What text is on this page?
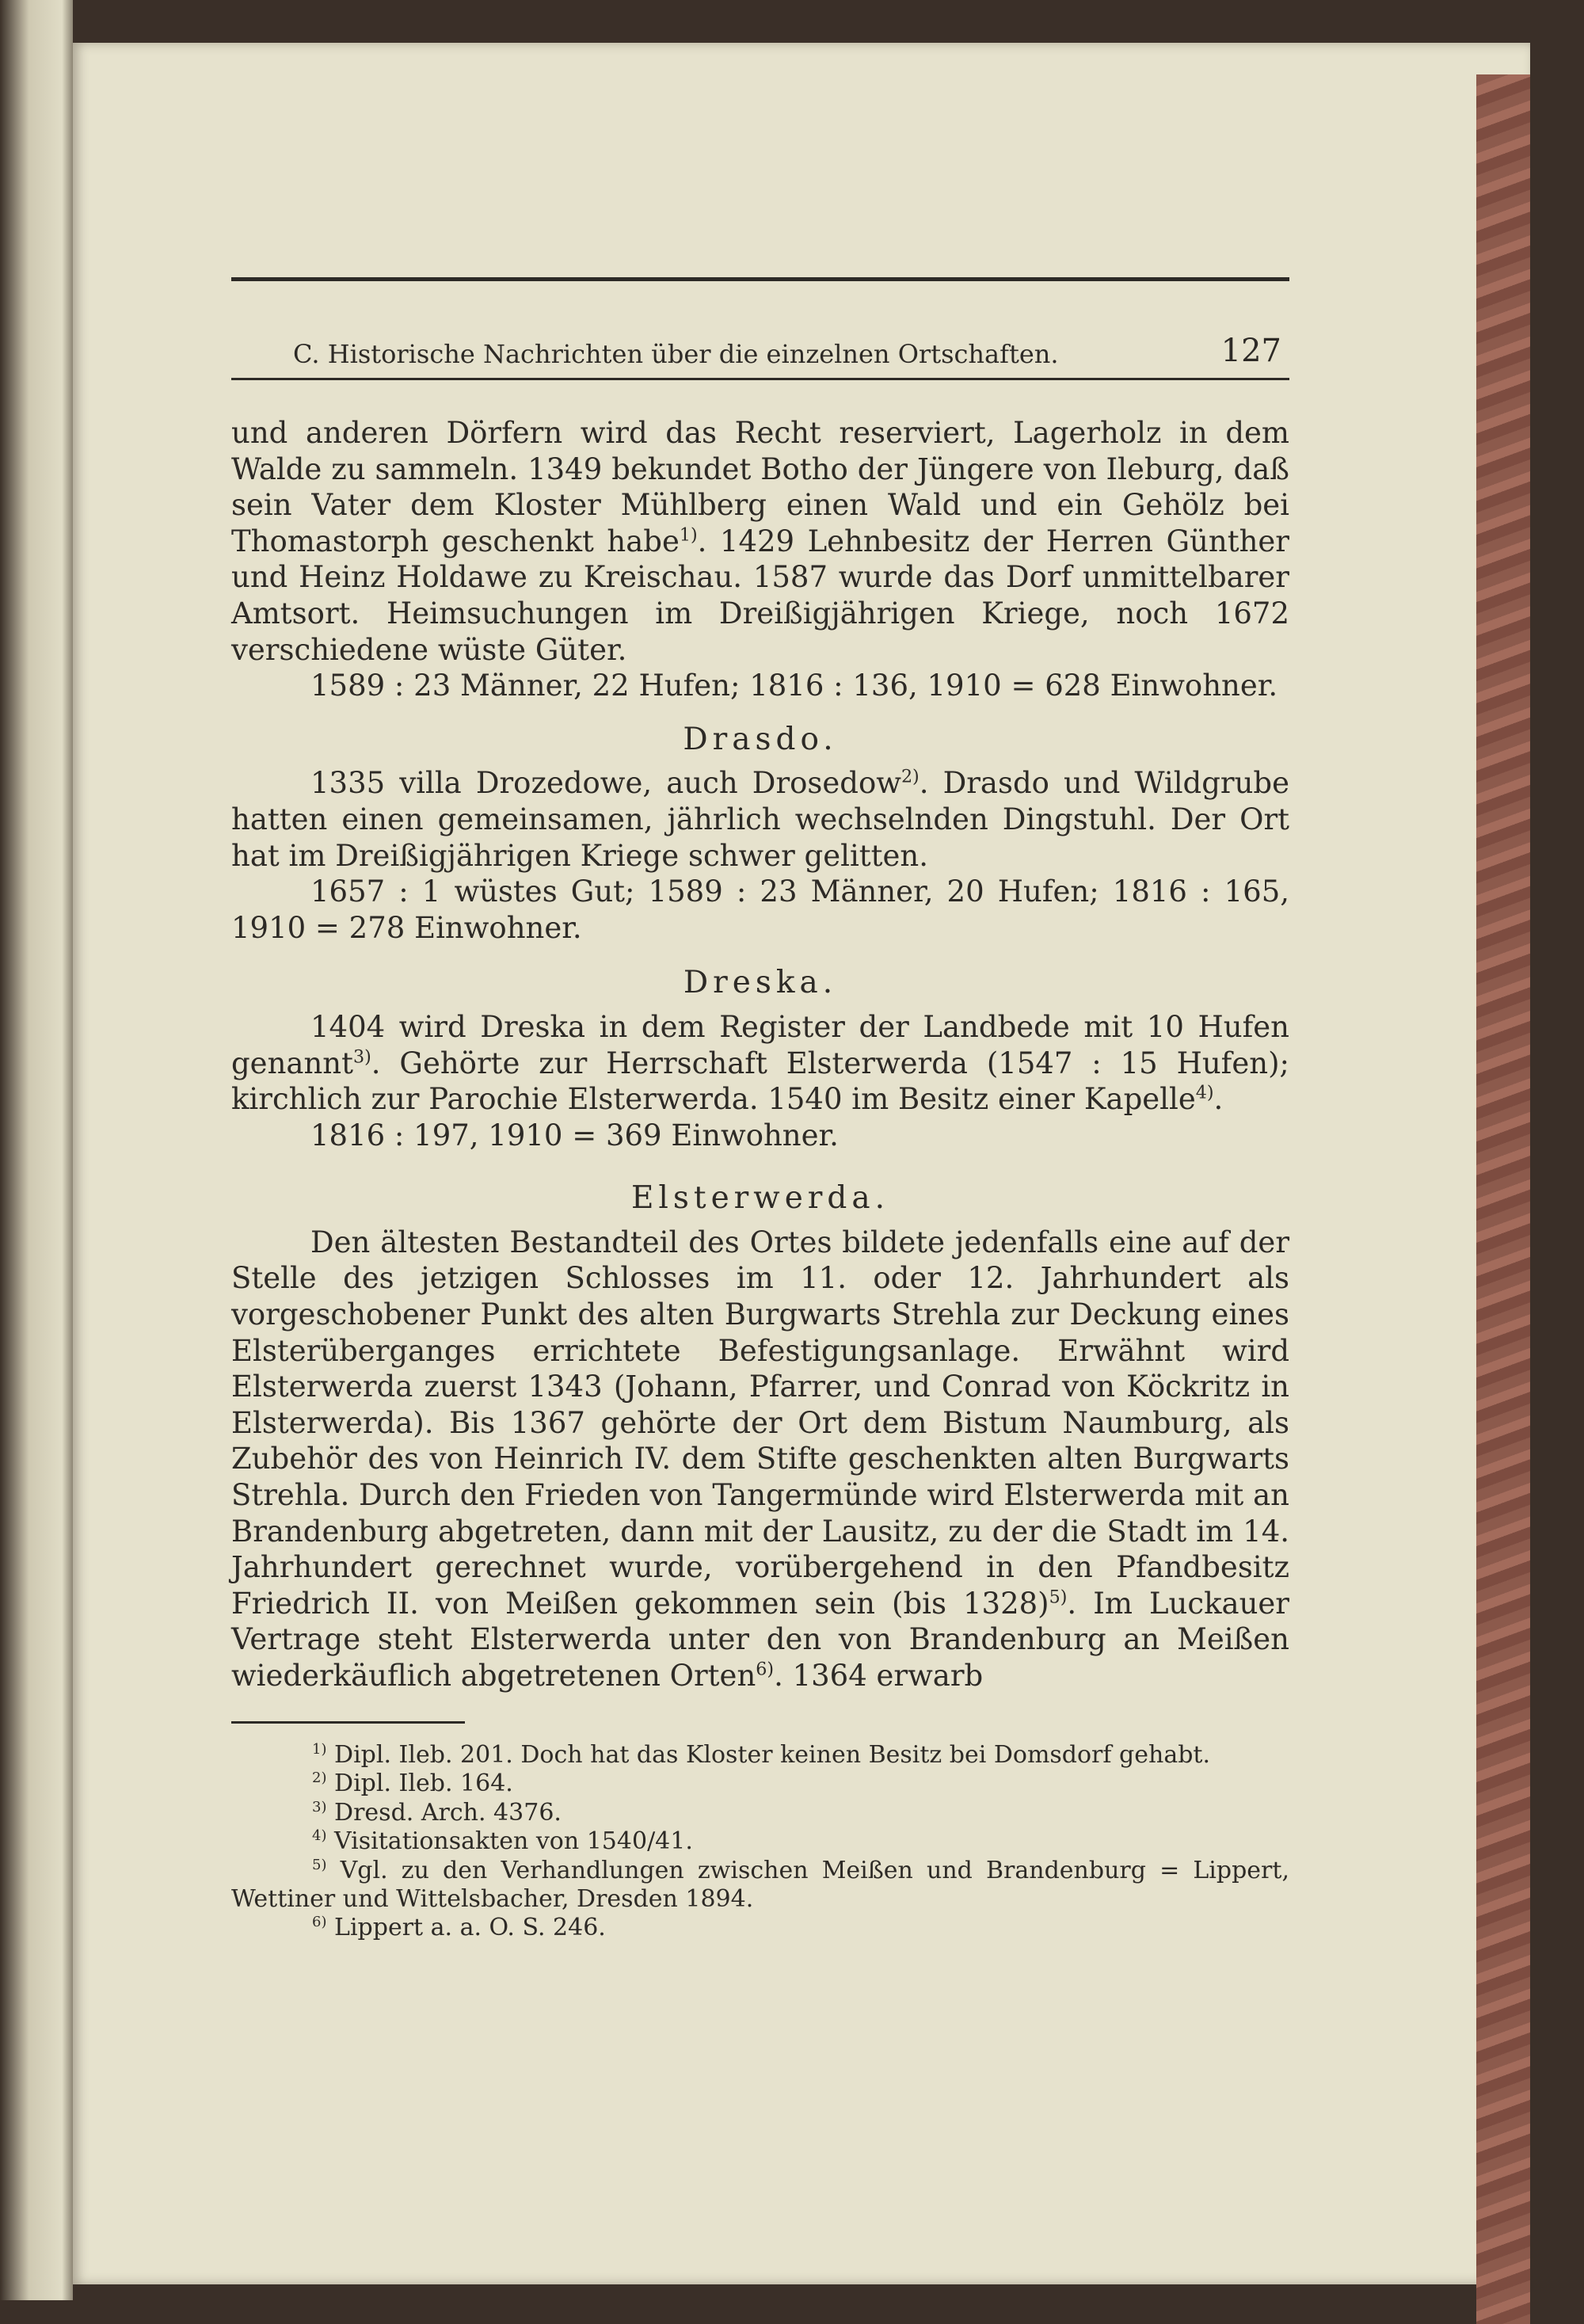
C. Historische Nachrichten über die einzelnen Ortschaften.	127

und anderen Dörfern wird das Recht reserviert, Lagerholz in dem Walde zu sammeln. 1349 bekundet Botho der Jüngere von Ileburg, daß sein Vater dem Kloster Mühlberg einen Wald und ein Gehölz bei Thomastorph geschenkt habe$^{1)}$. 1429 Lehnbesitz der Herren Günther und Heinz Holdawe zu Kreischau. 1587 wurde das Dorf unmittelbarer Amtsort. Heimsuchungen im Dreißigjährigen Kriege, noch 1672 verschiedene wüste Güter.

1589 : 23 Männer, 22 Hufen; 1816 : 136, 1910 = 628 Einwohner.

Drasdo.

1335 villa Drozedowe, auch Drosedow$^{2)}$. Drasdo und Wildgrube hatten einen gemeinsamen, jährlich wechselnden Dingstuhl. Der Ort hat im Dreißigjährigen Kriege schwer gelitten.

1657 : 1 wüstes Gut; 1589 : 23 Männer, 20 Hufen; 1816 : 165, 1910 = 278 Einwohner.

Dreska.

1404 wird Dreska in dem Register der Landbede mit 10 Hufen genannt$^{3)}$. Gehörte zur Herrschaft Elsterwerda (1547 : 15 Hufen); kirchlich zur Parochie Elsterwerda. 1540 im Besitz einer Kapelle$^{4)}$.

1816 : 197, 1910 = 369 Einwohner.

Elsterwerda.

Den ältesten Bestandteil des Ortes bildete jedenfalls eine auf der Stelle des jetzigen Schlosses im 11. oder 12. Jahrhundert als vorgeschobener Punkt des alten Burgwarts Strehla zur Deckung eines Elsterüberganges errichtete Befestigungsanlage. Erwähnt wird Elsterwerda zuerst 1343 (Johann, Pfarrer, und Conrad von Köckritz in Elsterwerda). Bis 1367 gehörte der Ort dem Bistum Naumburg, als Zubehör des von Heinrich IV. dem Stifte geschenkten alten Burgwarts Strehla. Durch den Frieden von Tangermünde wird Elsterwerda mit an Brandenburg abgetreten, dann mit der Lausitz, zu der die Stadt im 14. Jahrhundert gerechnet wurde, vorübergehend in den Pfandbesitz Friedrich II. von Meißen gekommen sein (bis 1328)$^{5)}$. Im Luckauer Vertrage steht Elsterwerda unter den von Brandenburg an Meißen wiederkäuflich abgetretenen Orten$^{6)}$. 1364 erwarb

$^{1)}$ Dipl. Ileb. 201. Doch hat das Kloster keinen Besitz bei Domsdorf gehabt.

$^{2)}$ Dipl. Ileb. 164.

$^{3)}$ Dresd. Arch. 4376.

$^{4)}$ Visitationsakten von 1540/41.

$^{5)}$ Vgl. zu den Verhandlungen zwischen Meißen und Brandenburg = Lippert, Wettiner und Wittelsbacher, Dresden 1894.

$^{6)}$ Lippert a. a. O. S. 246.
